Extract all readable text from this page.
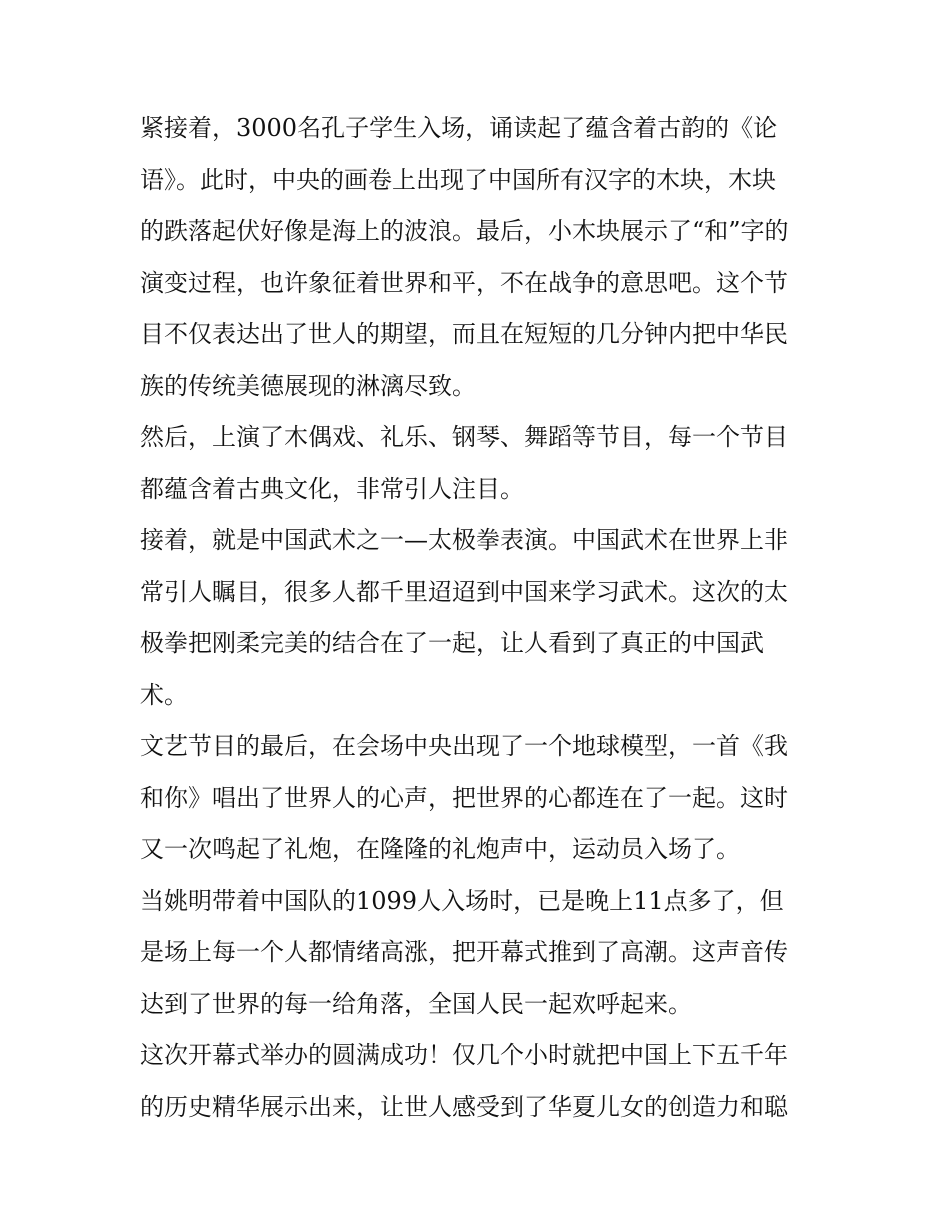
紧接着，3000名孔子学生入场，诵读起了蕴含着古韵的《论
语》。此时，中央的画卷上出现了中国所有汉字的木块，木块
的跌落起伏好像是海上的波浪。最后，小木块展示了“和”字的
演变过程，也许象征着世界和平，不在战争的意思吧。这个节
目不仅表达出了世人的期望，而且在短短的几分钟内把中华民
族的传统美德展现的淋漓尽致。
然后，上演了木偶戏、礼乐、钢琴、舞蹈等节目，每一个节目
都蕴含着古典文化，非常引人注目。
接着，就是中国武术之一—太极拳表演。中国武术在世界上非
常引人瞩目，很多人都千里迢迢到中国来学习武术。这次的太
极拳把刚柔完美的结合在了一起，让人看到了真正的中国武
术。
文艺节目的最后，在会场中央出现了一个地球模型，一首《我
和你》唱出了世界人的心声，把世界的心都连在了一起。这时
又一次鸣起了礼炮，在隆隆的礼炮声中，运动员入场了。
当姚明带着中国队的1099人入场时，已是晚上11点多了，但
是场上每一个人都情绪高涨，把开幕式推到了高潮。这声音传
达到了世界的每一给角落，全国人民一起欢呼起来。
这次开幕式举办的圆满成功！仅几个小时就把中国上下五千年
的历史精华展示出来，让世人感受到了华夏儿女的创造力和聪
